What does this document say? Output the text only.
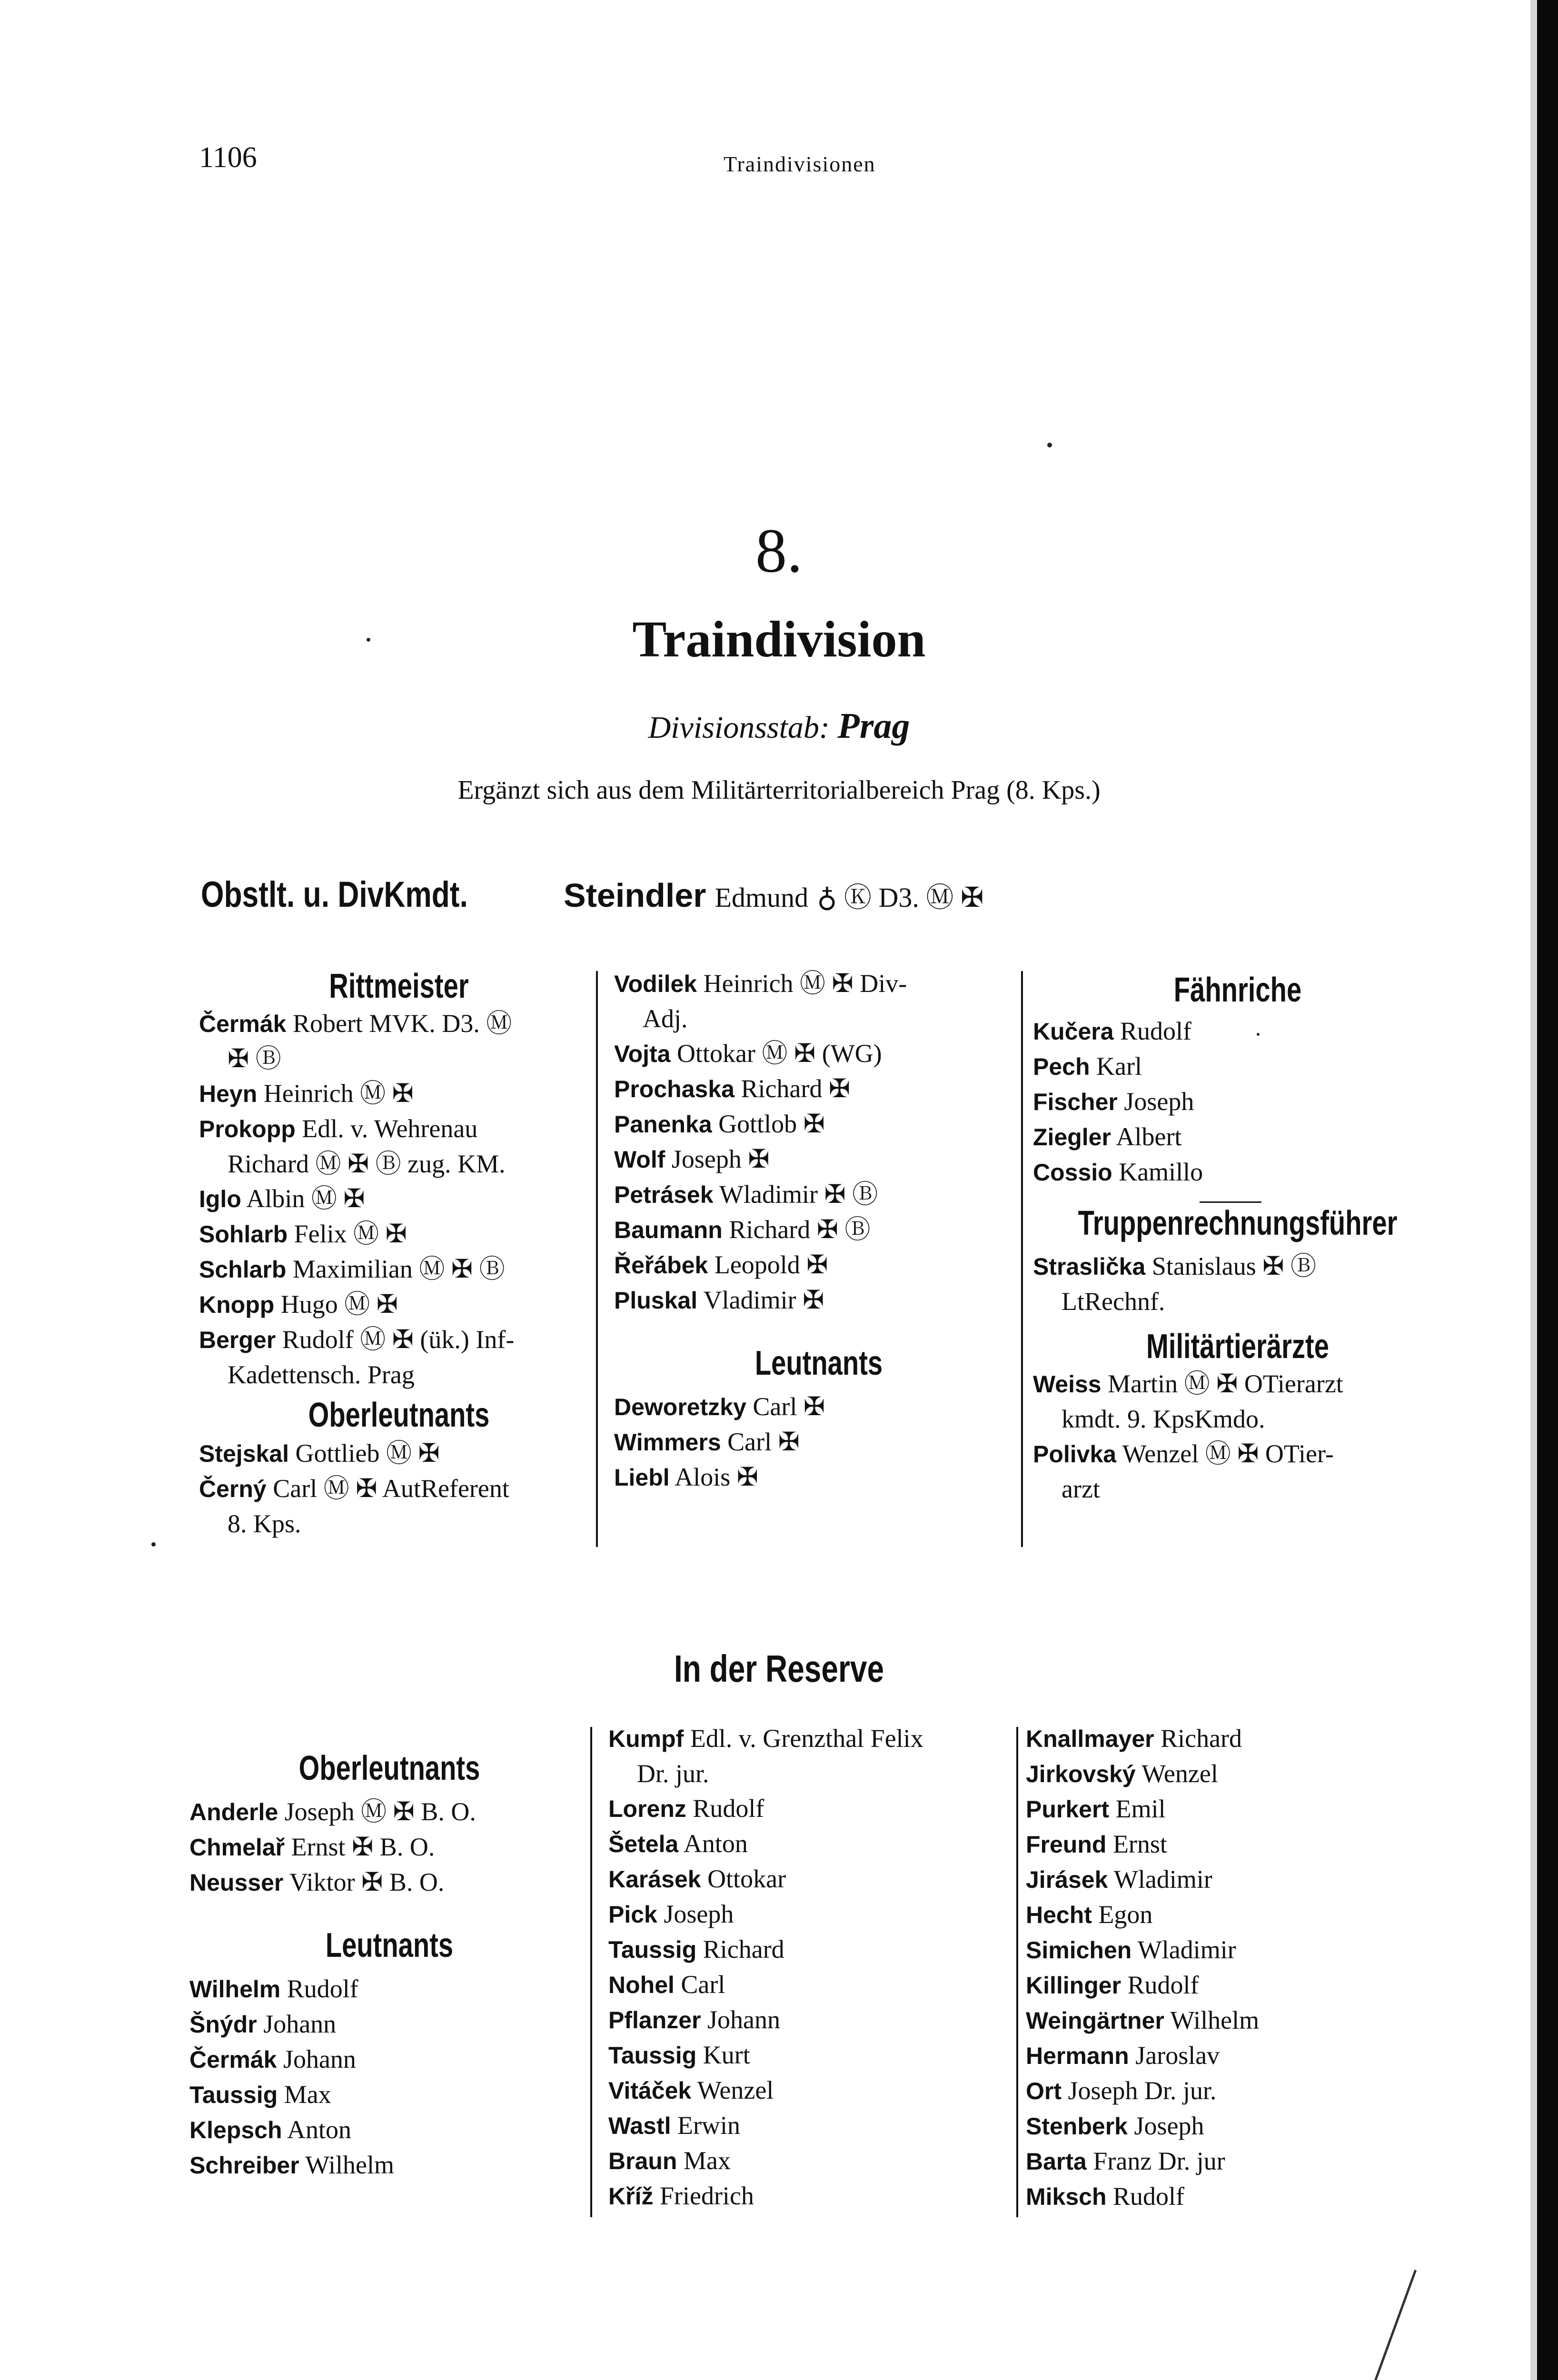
1106	Traindivisionen
8.
Traindivision
Divisionsstab: Prag
Ergänzt sich aus dem Militärterritorialbereich Prag (8. Kps.)
Obstlt. u. DivKmdt.	Steindler Edmund ♁ Ⓚ D3. Ⓜ ✠
Rittmeister
Čermák Robert MVK. D3. Ⓜ
✠ Ⓑ
Heyn Heinrich Ⓜ ✠
Prokopp Edl. v. Wehrenau
Richard Ⓜ ✠ Ⓑ zug. KM.
Iglo Albin Ⓜ ✠
Sohlarb Felix Ⓜ ✠
Schlarb Maximilian Ⓜ ✠ Ⓑ
Knopp Hugo Ⓜ ✠
Berger Rudolf Ⓜ ✠ (ük.) Inf-
Kadettensch. Prag
Oberleutnants
Stejskal Gottlieb Ⓜ ✠
Černý Carl Ⓜ ✠ AutReferent
8. Kps.
Vodilek Heinrich Ⓜ ✠ Div-
Adj.
Vojta Ottokar Ⓜ ✠ (WG)
Prochaska Richard ✠
Panenka Gottlob ✠
Wolf Joseph ✠
Petrásek Wladimir ✠ Ⓑ
Baumann Richard ✠ Ⓑ
Řeřábek Leopold ✠
Pluskal Vladimir ✠
Leutnants
Deworetzky Carl ✠
Wimmers Carl ✠
Liebl Alois ✠
Fähnriche
Kučera Rudolf
Pech Karl
Fischer Joseph
Ziegler Albert
Cossio Kamillo
Truppenrechnungsführer
Straslička Stanislaus ✠ Ⓑ
LtRechnf.
Militärtierärzte
Weiss Martin Ⓜ ✠ OTierarzt
kmdt. 9. KpsKmdo.
Polivka Wenzel Ⓜ ✠ OTier-
arzt
In der Reserve
Oberleutnants
Anderle Joseph Ⓜ ✠ B. O.
Chmelař Ernst ✠ B. O.
Neusser Viktor ✠ B. O.
Leutnants
Wilhelm Rudolf
Šnýdr Johann
Čermák Johann
Taussig Max
Klepsch Anton
Schreiber Wilhelm
Kumpf Edl. v. Grenzthal Felix
Dr. jur.
Lorenz Rudolf
Šetela Anton
Karásek Ottokar
Pick Joseph
Taussig Richard
Nohel Carl
Pflanzer Johann
Taussig Kurt
Vitáček Wenzel
Wastl Erwin
Braun Max
Kříž Friedrich
Knallmayer Richard
Jirkovský Wenzel
Purkert Emil
Freund Ernst
Jirásek Wladimir
Hecht Egon
Simichen Wladimir
Killinger Rudolf
Weingärtner Wilhelm
Hermann Jaroslav
Ort Joseph Dr. jur.
Stenberk Joseph
Barta Franz Dr. jur
Miksch Rudolf
